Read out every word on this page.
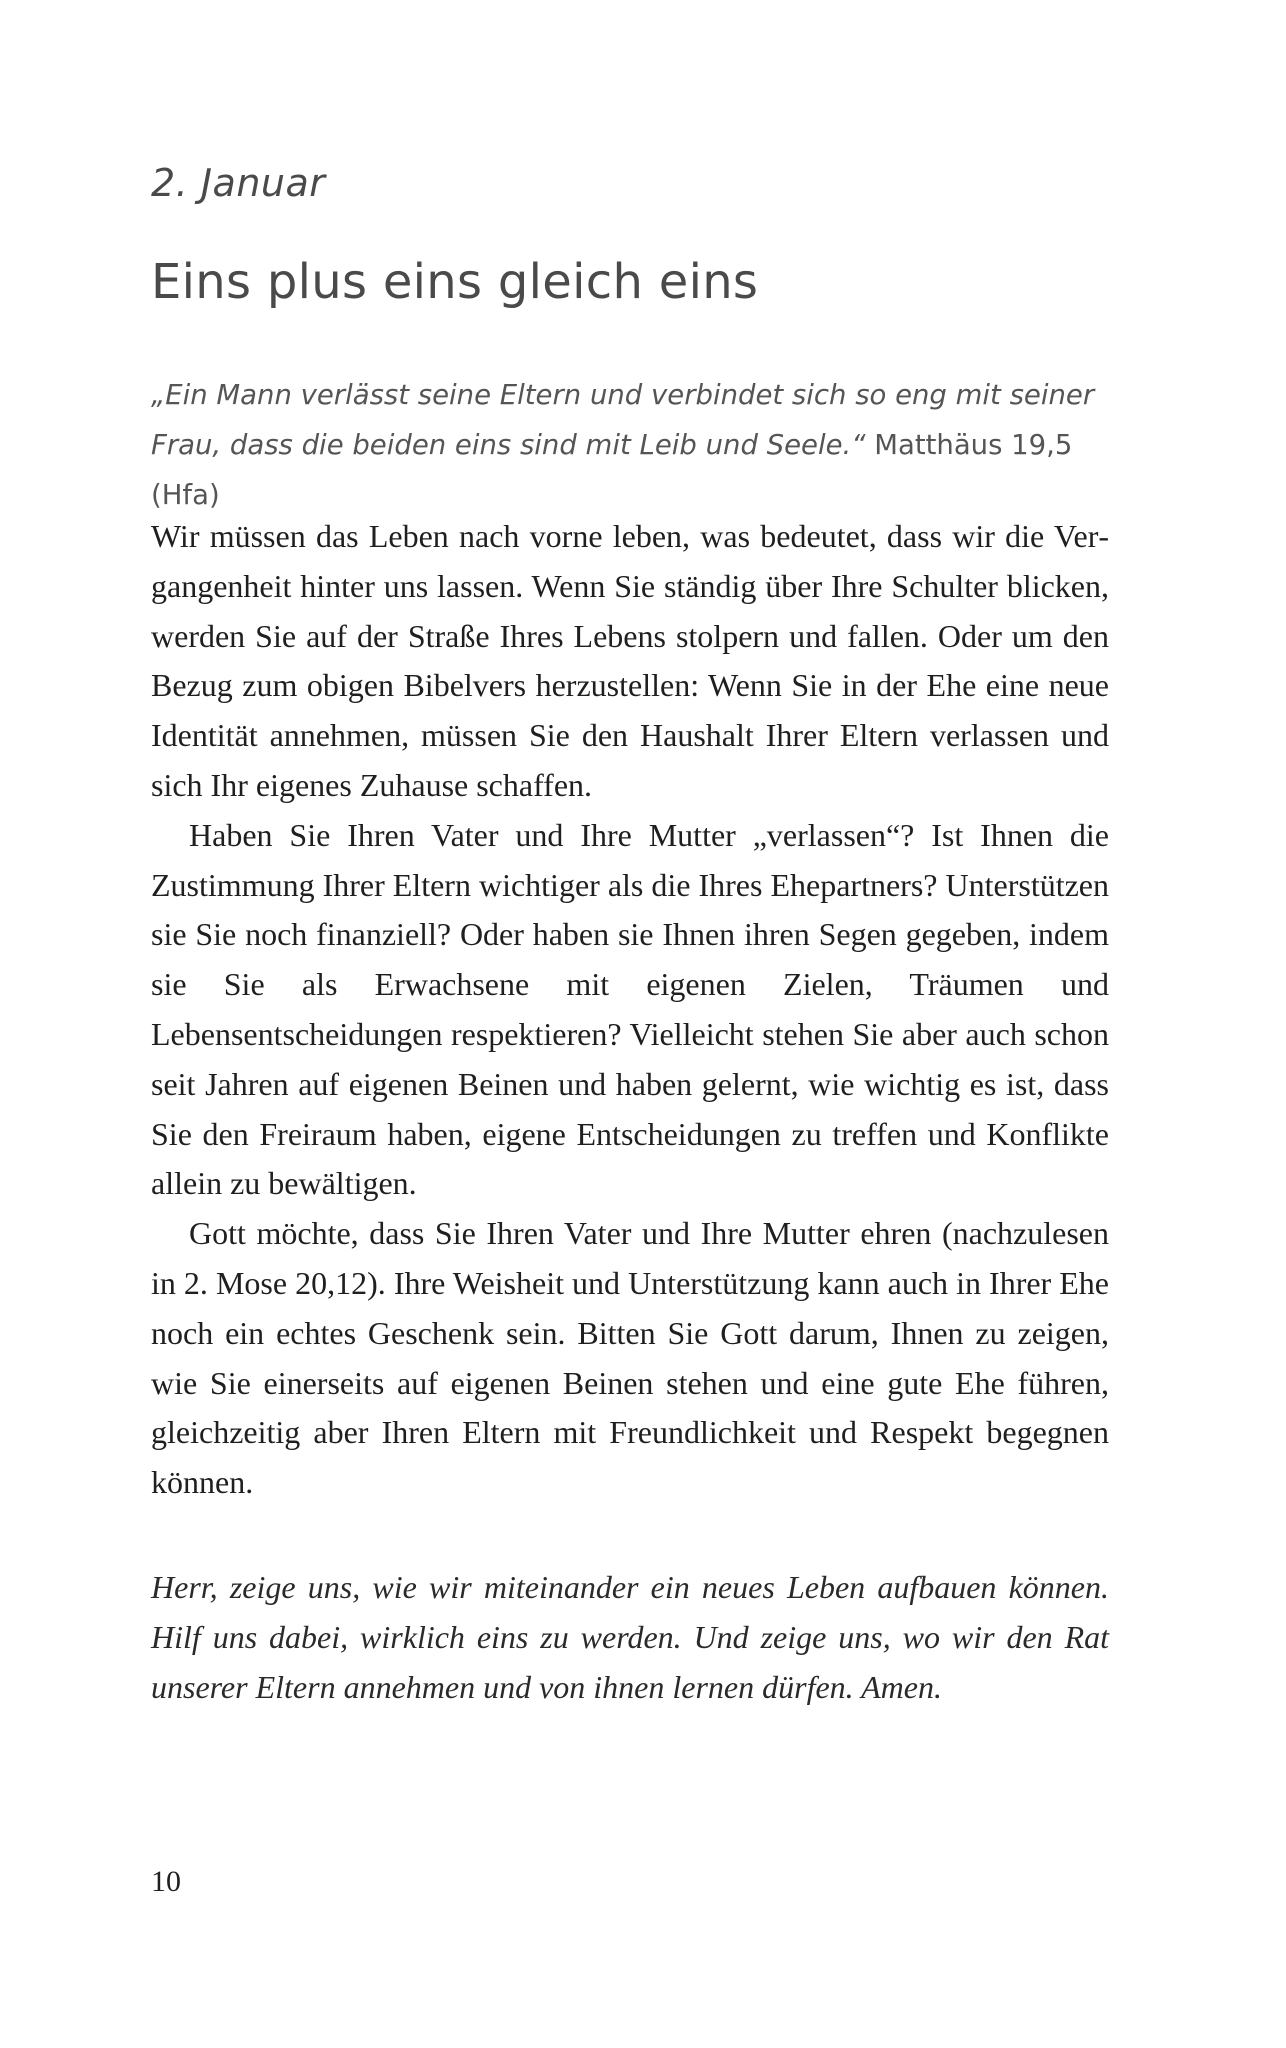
2. Januar
Eins plus eins gleich eins
„Ein Mann verlässt seine Eltern und verbindet sich so eng mit seiner Frau, dass die beiden eins sind mit Leib und Seele.“ Matthäus 19,5 (Hfa)

Wir müssen das Leben nach vorne leben, was bedeutet, dass wir die Vergangenheit hinter uns lassen. Wenn Sie ständig über Ihre Schulter blicken, werden Sie auf der Straße Ihres Lebens stolpern und fallen. Oder um den Bezug zum obigen Bibelvers herzustellen: Wenn Sie in der Ehe eine neue Identität annehmen, müssen Sie den Haushalt Ihrer Eltern verlassen und sich Ihr eigenes Zuhause schaffen.

Haben Sie Ihren Vater und Ihre Mutter „verlassen“? Ist Ihnen die Zustimmung Ihrer Eltern wichtiger als die Ihres Ehepartners? Unterstützen sie Sie noch finanziell? Oder haben sie Ihnen ihren Segen gegeben, indem sie Sie als Erwachsene mit eigenen Zielen, Träumen und Lebensentscheidungen respektieren? Vielleicht stehen Sie aber auch schon seit Jahren auf eigenen Beinen und haben gelernt, wie wichtig es ist, dass Sie den Freiraum haben, eigene Entscheidungen zu treffen und Konflikte allein zu bewältigen.

Gott möchte, dass Sie Ihren Vater und Ihre Mutter ehren (nachzulesen in 2. Mose 20,12). Ihre Weisheit und Unterstützung kann auch in Ihrer Ehe noch ein echtes Geschenk sein. Bitten Sie Gott darum, Ihnen zu zeigen, wie Sie einerseits auf eigenen Beinen stehen und eine gute Ehe führen, gleichzeitig aber Ihren Eltern mit Freundlichkeit und Respekt begegnen können.

Herr, zeige uns, wie wir miteinander ein neues Leben aufbauen können. Hilf uns dabei, wirklich eins zu werden. Und zeige uns, wo wir den Rat unserer Eltern annehmen und von ihnen lernen dürfen. Amen.
10
